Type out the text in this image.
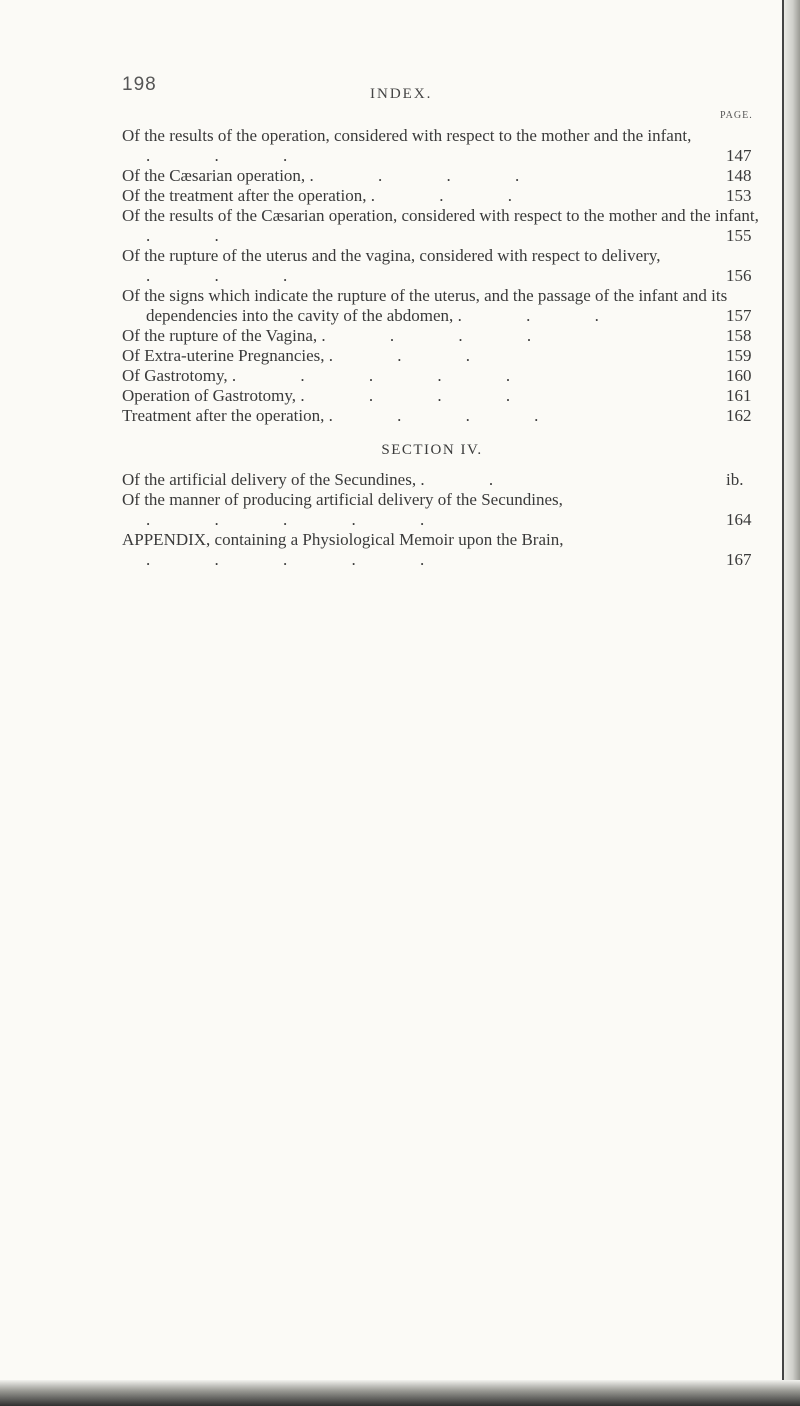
198	INDEX.
PAGE.

Of the results of the operation, considered with respect to the mother and the infant, . . .	147

Of the Cæsarian operation, . . . .	148

Of the treatment after the operation, . . .	153

Of the results of the Cæsarian operation, considered with respect to the mother and the infant, . .	155

Of the rupture of the uterus and the vagina, considered with respect to delivery, . . .	156

Of the signs which indicate the rupture of the uterus, and the passage of the infant and its dependencies into the cavity of the abdomen, . . .	157

Of the rupture of the Vagina, . . . .	158

Of Extra-uterine Pregnancies, . . .	159

Of Gastrotomy, . . . . .	160

Operation of Gastrotomy, . . . .	161

Treatment after the operation, . . . .	162

SECTION IV.

Of the artificial delivery of the Secundines, . .	ib.

Of the manner of producing artificial delivery of the Secundines, . . . . .	164

APPENDIX, containing a Physiological Memoir upon the Brain, . . . . .	167
